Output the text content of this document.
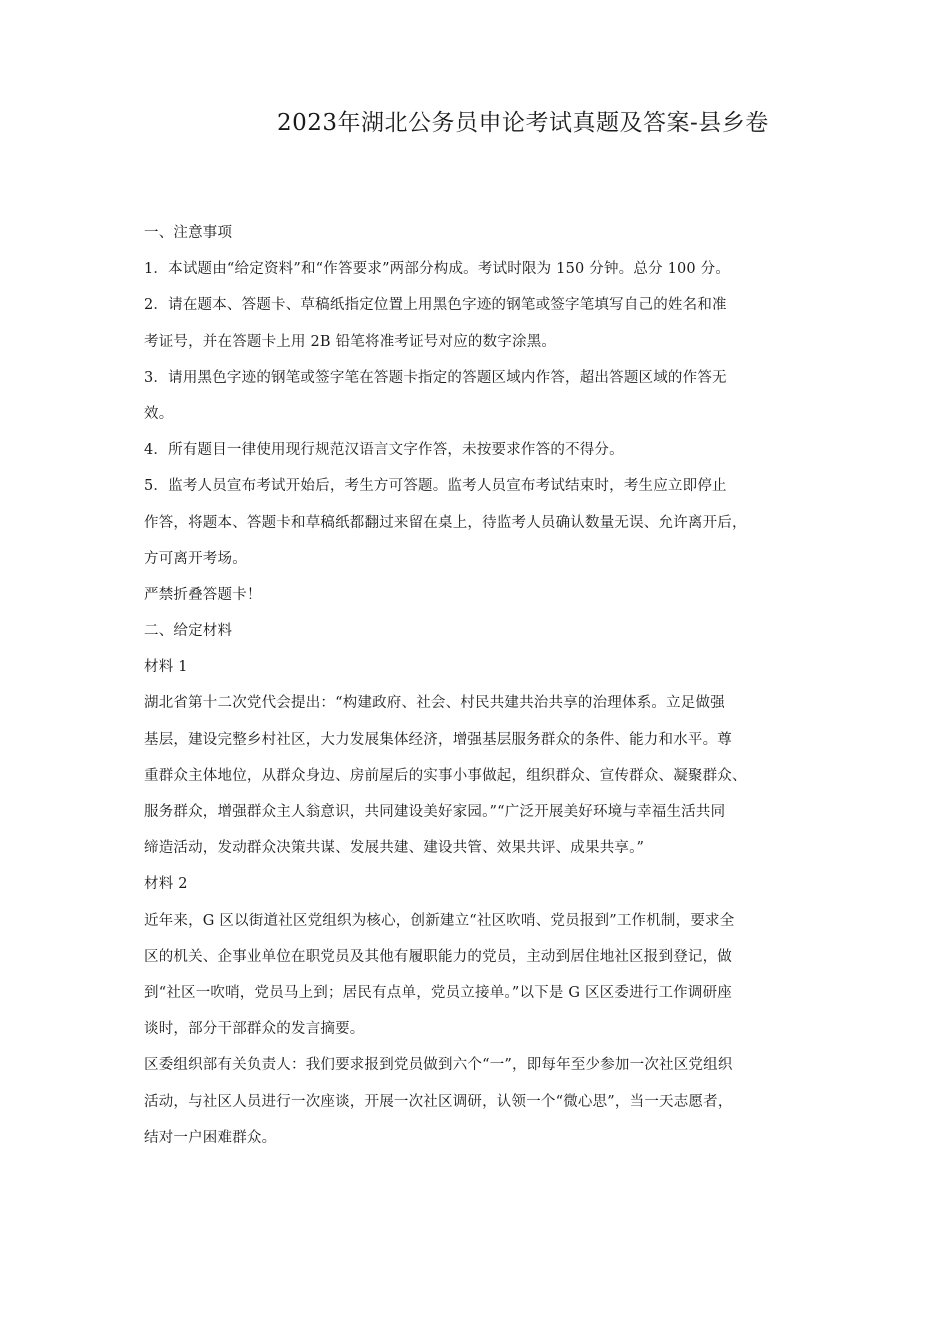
2023年湖北公务员申论考试真题及答案-县乡卷
一、注意事项
1．本试题由“给定资料”和“作答要求”两部分构成。考试时限为 150 分钟。总分 100 分。
2．请在题本、答题卡、草稿纸指定位置上用黑色字迹的钢笔或签字笔填写自己的姓名和准
考证号，并在答题卡上用 2B 铅笔将准考证号对应的数字涂黑。
3．请用黑色字迹的钢笔或签字笔在答题卡指定的答题区域内作答，超出答题区域的作答无
效。
4．所有题目一律使用现行规范汉语言文字作答，未按要求作答的不得分。
5．监考人员宣布考试开始后，考生方可答题。监考人员宣布考试结束时，考生应立即停止
作答，将题本、答题卡和草稿纸都翻过来留在桌上，待监考人员确认数量无误、允许离开后，
方可离开考场。
严禁折叠答题卡！
二、给定材料
材料 1
湖北省第十二次党代会提出：“构建政府、社会、村民共建共治共享的治理体系。立足做强
基层，建设完整乡村社区，大力发展集体经济，增强基层服务群众的条件、能力和水平。尊
重群众主体地位，从群众身边、房前屋后的实事小事做起，组织群众、宣传群众、凝聚群众、
服务群众，增强群众主人翁意识，共同建设美好家园。”“广泛开展美好环境与幸福生活共同
缔造活动，发动群众决策共谋、发展共建、建设共管、效果共评、成果共享。”
材料 2
近年来，G 区以街道社区党组织为核心，创新建立“社区吹哨、党员报到”工作机制，要求全
区的机关、企事业单位在职党员及其他有履职能力的党员，主动到居住地社区报到登记，做
到“社区一吹哨，党员马上到；居民有点单，党员立接单。”以下是 G 区区委进行工作调研座
谈时，部分干部群众的发言摘要。
区委组织部有关负责人：我们要求报到党员做到六个“一”，即每年至少参加一次社区党组织
活动，与社区人员进行一次座谈，开展一次社区调研，认领一个“微心思”，当一天志愿者，
结对一户困难群众。
